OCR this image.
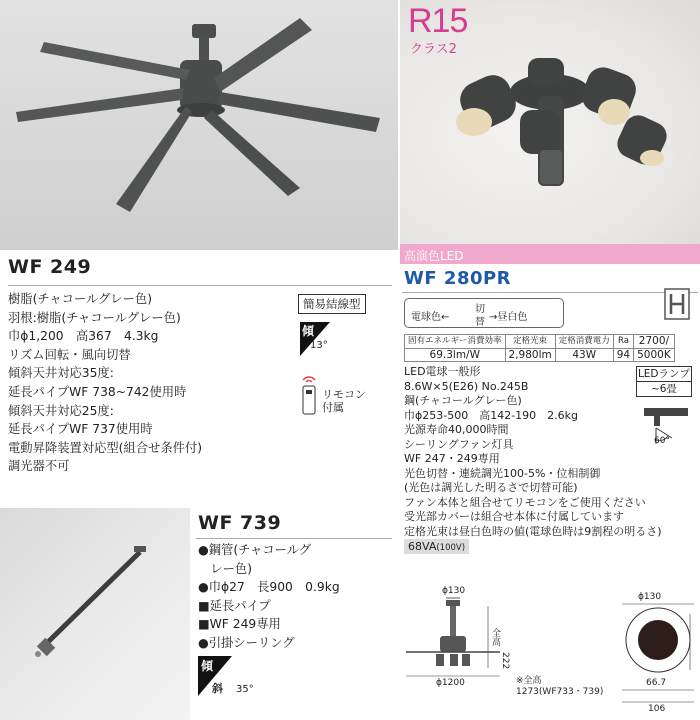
R15
クラス2
高演色LED
WF 249
樹脂(チャコールグレー色)
羽根:樹脂(チャコールグレー色)
巾ϕ1,200　高367　4.3kg
リズム回転・風向切替
傾斜天井対応35度:
延長パイプWF 738~742使用時
傾斜天井対応25度:
延長パイプWF 737使用時
電動昇降装置対応型(組合せ条件付)
調光器不可
簡易結線型
傾
13°
リモコン
付属
WF 280PR
電球色←
切
替 →昼白色
固有エネルギー消費効率	定格光束	定格消費電力	Ra	2700/
69.3lm/W	2,980lm	43W	94	5000K
LED電球一般形
8.6W×5(E26) No.245B
鋼(チャコールグレー色)
巾ϕ253-500　高142-190　2.6kg
光源寿命40,000時間
シーリングファン灯具
WF 247・249専用
光色切替・連続調光100-5%・位相制御
(光色は調光した明るさで切替可能)
ファン本体と組合せてリモコンをご使用ください
受光部カバーは組合せ本体に付属しています
定格光束は昼白色時の値(電球色時は9割程の明るさ)
68VA(100V)
LEDランプ
~6畳
60°
WF 739
●鋼管(チャコールグ
　レー色)
●巾ϕ27　長900　0.9kg
■延長パイプ
■WF 249専用
●引掛シーリング
傾
斜 35°
ϕ130
全高
222
ϕ1200	※全高
1273(WF733・739)
ϕ130
66.7
106
